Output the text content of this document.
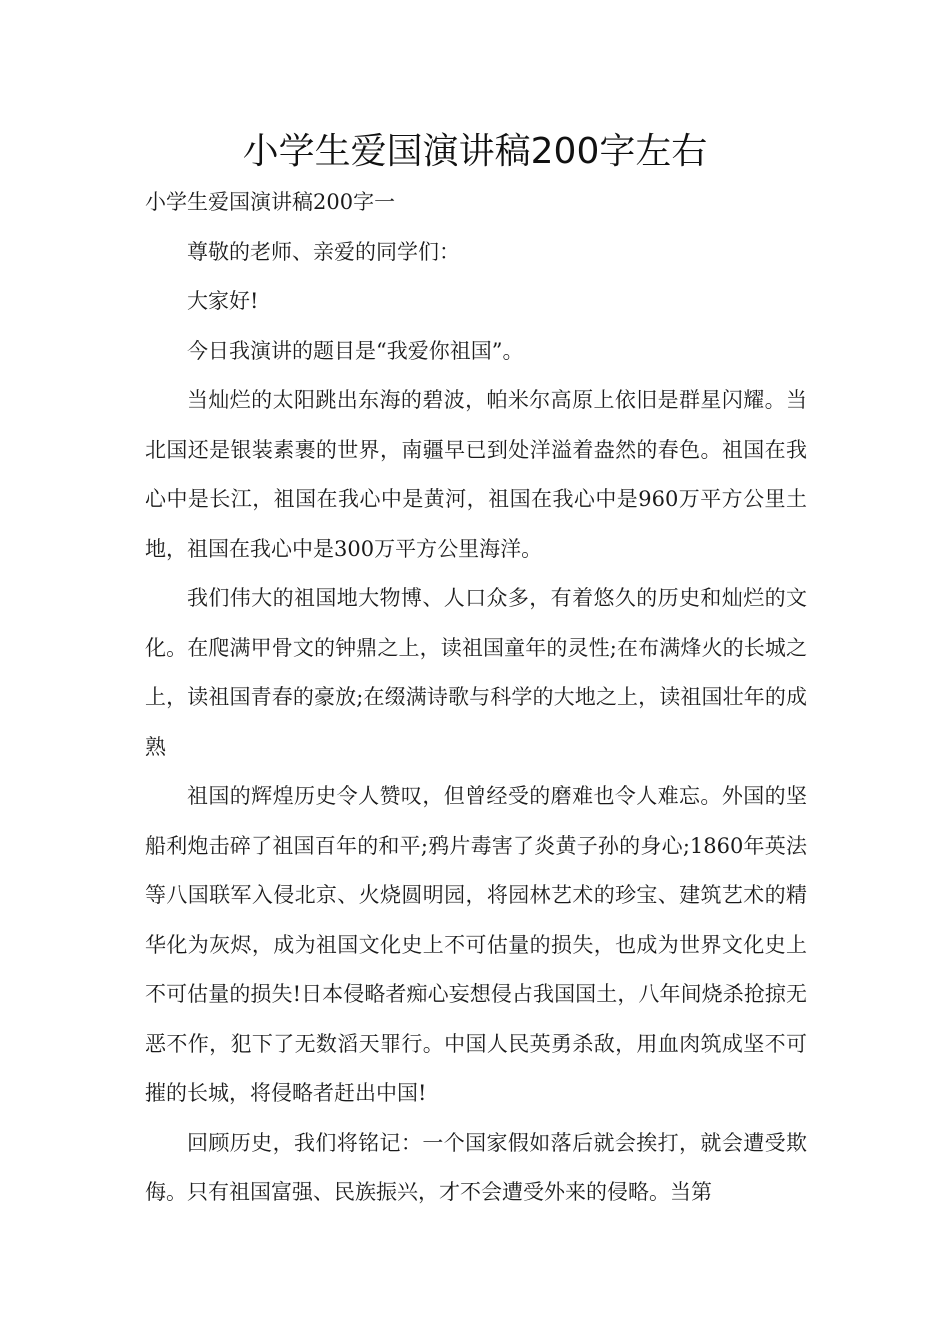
小学生爱国演讲稿200字左右

小学生爱国演讲稿200字一

尊敬的老师、亲爱的同学们：

大家好!

今日我演讲的题目是“我爱你祖国”。

当灿烂的太阳跳出东海的碧波，帕米尔高原上依旧是群星闪耀。当北国还是银装素裹的世界，南疆早已到处洋溢着盎然的春色。祖国在我心中是长江，祖国在我心中是黄河，祖国在我心中是960万平方公里土地，祖国在我心中是300万平方公里海洋。

我们伟大的祖国地大物博、人口众多，有着悠久的历史和灿烂的文化。在爬满甲骨文的钟鼎之上，读祖国童年的灵性;在布满烽火的长城之上，读祖国青春的豪放;在缀满诗歌与科学的大地之上，读祖国壮年的成熟

祖国的辉煌历史令人赞叹，但曾经受的磨难也令人难忘。外国的坚船利炮击碎了祖国百年的和平;鸦片毒害了炎黄子孙的身心;1860年英法等八国联军入侵北京、火烧圆明园，将园林艺术的珍宝、建筑艺术的精华化为灰烬，成为祖国文化史上不可估量的损失，也成为世界文化史上不可估量的损失!日本侵略者痴心妄想侵占我国国土，八年间烧杀抢掠无恶不作，犯下了无数滔天罪行。中国人民英勇杀敌，用血肉筑成坚不可摧的长城，将侵略者赶出中国!

回顾历史，我们将铭记：一个国家假如落后就会挨打，就会遭受欺侮。只有祖国富强、民族振兴，才不会遭受外来的侵略。当第
